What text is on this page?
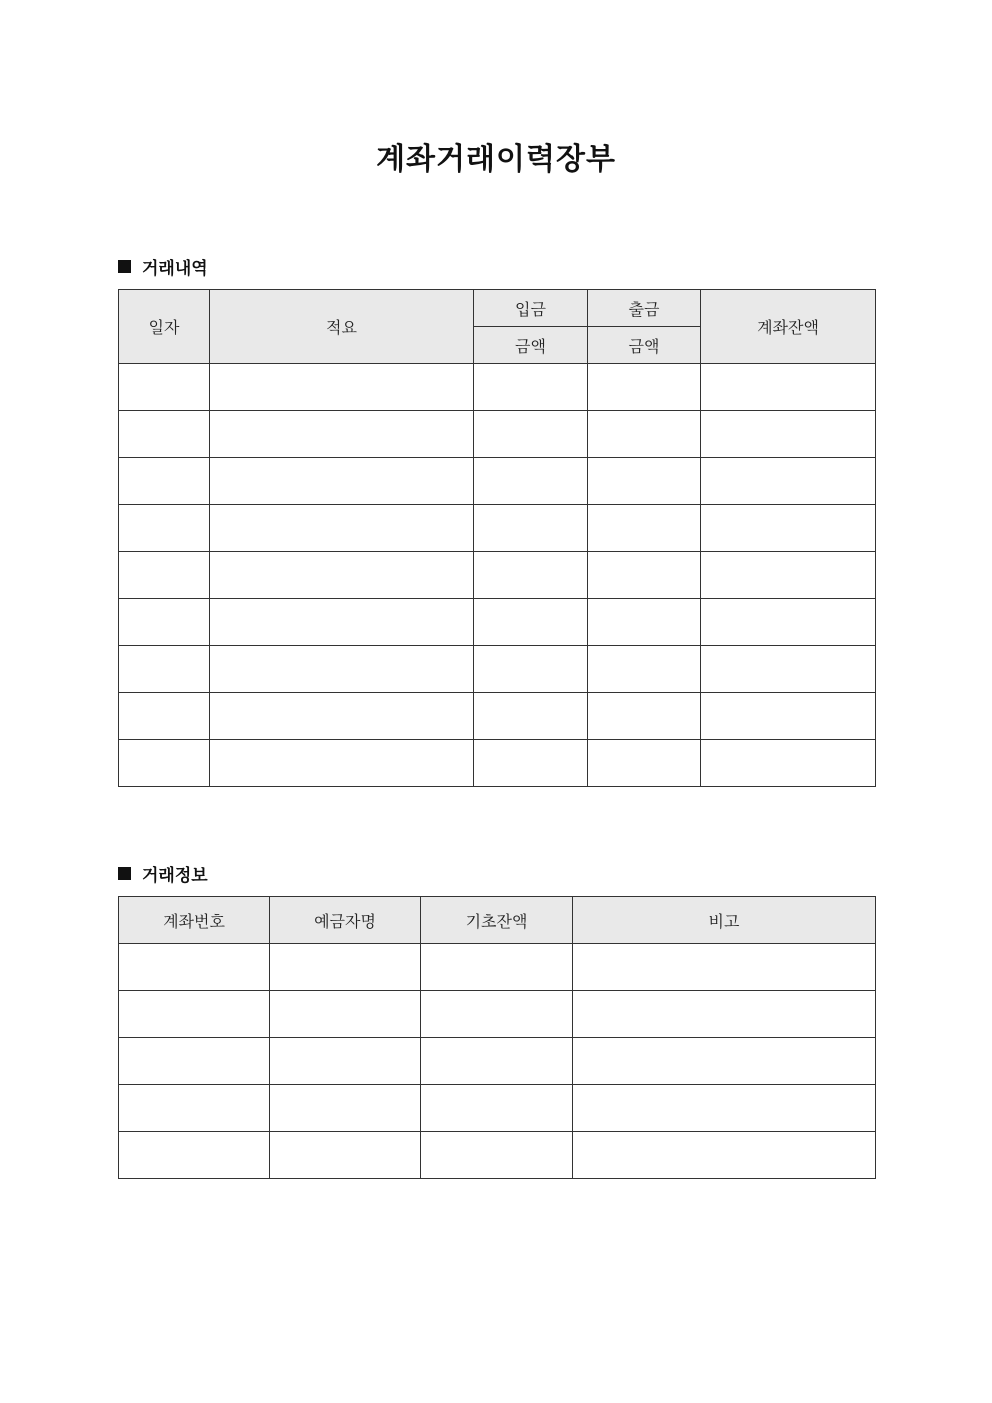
계좌거래이력장부
거래내역
일자	적요	입금	출금	계좌잔액
		금액	금액	

거래정보
계좌번호	예금자명	기초잔액	비고
